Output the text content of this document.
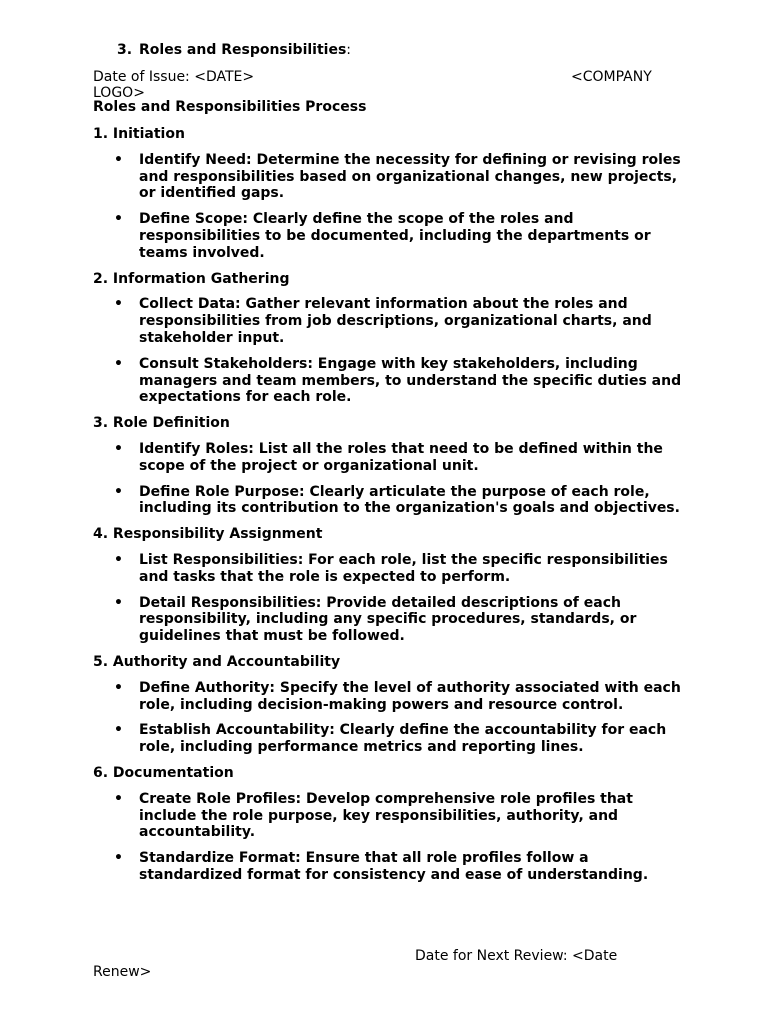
3. Roles and Responsibilities:
Date of Issue: <DATE>	<COMPANY
LOGO>
Roles and Responsibilities Process
1. Initiation
• Identify Need: Determine the necessity for defining or revising roles and responsibilities based on organizational changes, new projects, or identified gaps.
• Define Scope: Clearly define the scope of the roles and responsibilities to be documented, including the departments or teams involved.
2. Information Gathering
• Collect Data: Gather relevant information about the roles and responsibilities from job descriptions, organizational charts, and stakeholder input.
• Consult Stakeholders: Engage with key stakeholders, including managers and team members, to understand the specific duties and expectations for each role.
3. Role Definition
• Identify Roles: List all the roles that need to be defined within the scope of the project or organizational unit.
• Define Role Purpose: Clearly articulate the purpose of each role, including its contribution to the organization's goals and objectives.
4. Responsibility Assignment
• List Responsibilities: For each role, list the specific responsibilities and tasks that the role is expected to perform.
• Detail Responsibilities: Provide detailed descriptions of each responsibility, including any specific procedures, standards, or guidelines that must be followed.
5. Authority and Accountability
• Define Authority: Specify the level of authority associated with each role, including decision-making powers and resource control.
• Establish Accountability: Clearly define the accountability for each role, including performance metrics and reporting lines.
6. Documentation
• Create Role Profiles: Develop comprehensive role profiles that include the role purpose, key responsibilities, authority, and accountability.
• Standardize Format: Ensure that all role profiles follow a standardized format for consistency and ease of understanding.
Date for Next Review: <Date
Renew>
